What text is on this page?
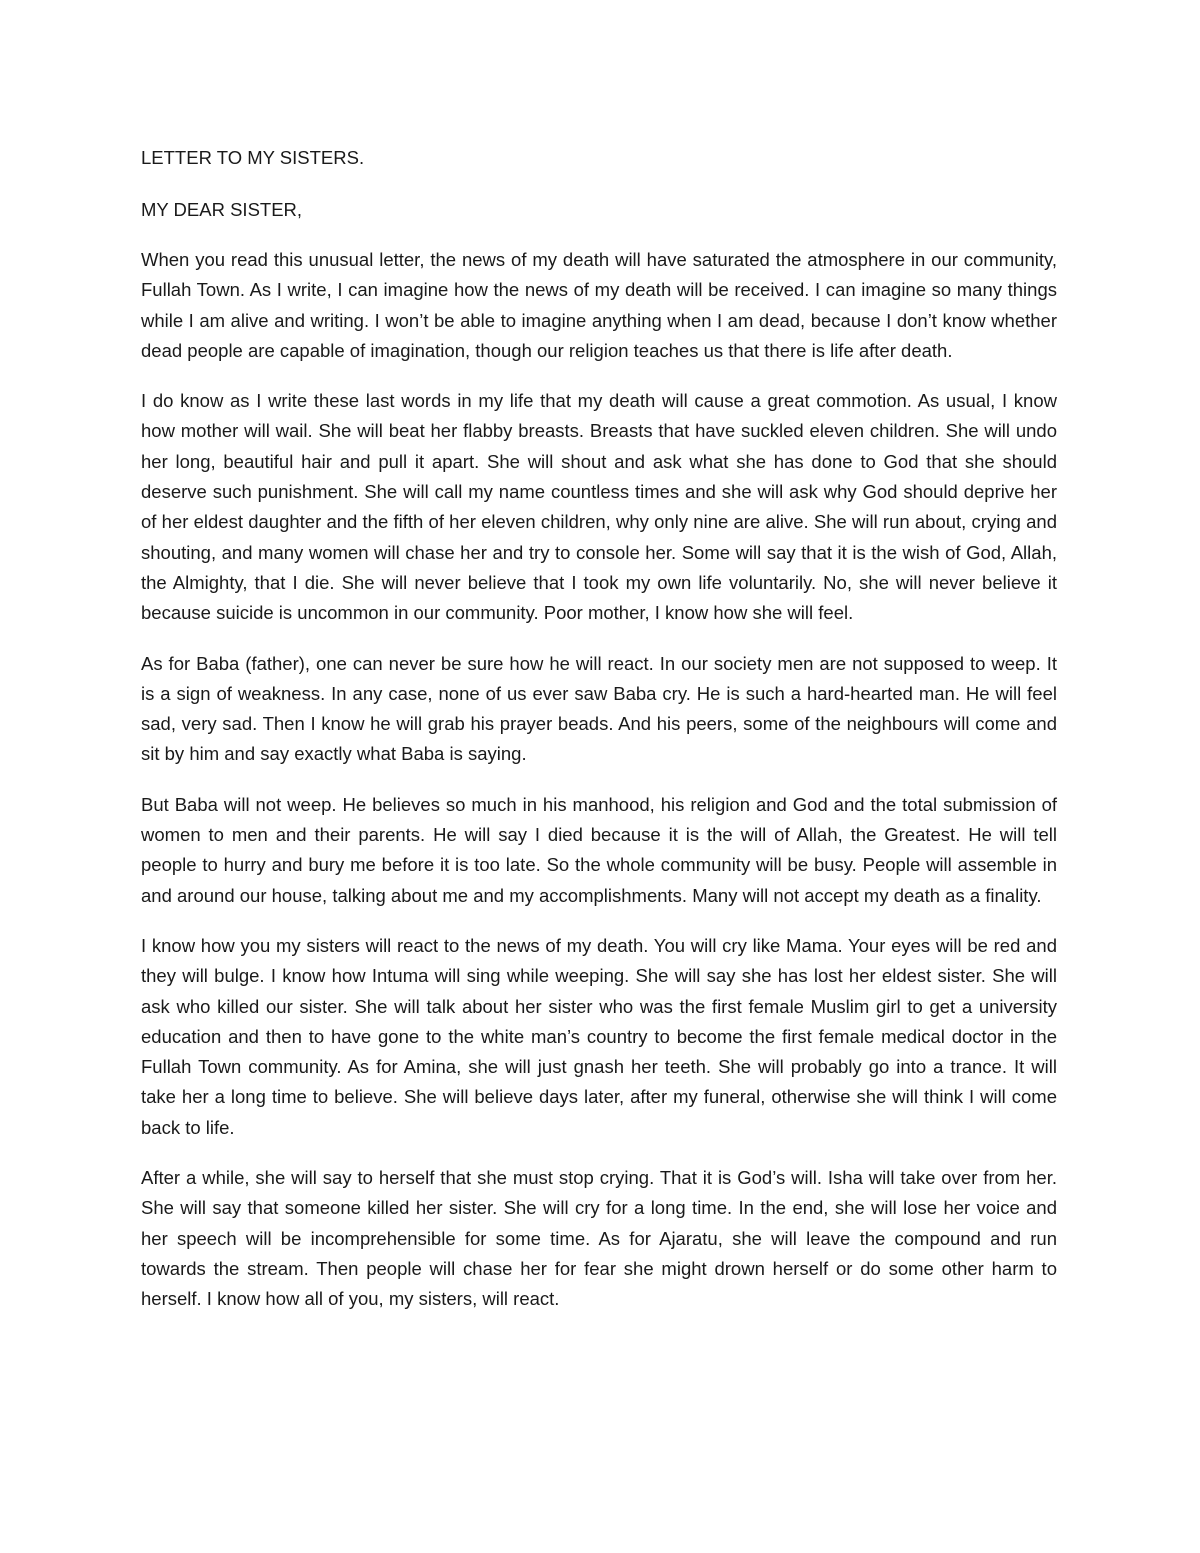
LETTER TO MY SISTERS.

MY DEAR SISTER,

When you read this unusual letter, the news of my death will have saturated the atmosphere in our community, Fullah Town. As I write, I can imagine how the news of my death will be received. I can imagine so many things while I am alive and writing. I won’t be able to imagine anything when I am dead, because I don’t know whether dead people are capable of imagination, though our religion teaches us that there is life after death.

I do know as I write these last words in my life that my death will cause a great commotion. As usual, I know how mother will wail. She will beat her flabby breasts. Breasts that have suckled eleven children. She will undo her long, beautiful hair and pull it apart. She will shout and ask what she has done to God that she should deserve such punishment. She will call my name countless times and she will ask why God should deprive her of her eldest daughter and the fifth of her eleven children, why only nine are alive. She will run about, crying and shouting, and many women will chase her and try to console her. Some will say that it is the wish of God, Allah, the Almighty, that I die. She will never believe that I took my own life voluntarily. No, she will never believe it because suicide is uncommon in our community. Poor mother, I know how she will feel.

As for Baba (father), one can never be sure how he will react. In our society men are not supposed to weep. It is a sign of weakness. In any case, none of us ever saw Baba cry. He is such a hard-hearted man. He will feel sad, very sad. Then I know he will grab his prayer beads. And his peers, some of the neighbours will come and sit by him and say exactly what Baba is saying.

But Baba will not weep. He believes so much in his manhood, his religion and God and the total submission of women to men and their parents. He will say I died because it is the will of Allah, the Greatest. He will tell people to hurry and bury me before it is too late. So the whole community will be busy. People will assemble in and around our house, talking about me and my accomplishments. Many will not accept my death as a finality.

I know how you my sisters will react to the news of my death. You will cry like Mama. Your eyes will be red and they will bulge. I know how Intuma will sing while weeping. She will say she has lost her eldest sister. She will ask who killed our sister. She will talk about her sister who was the first female Muslim girl to get a university education and then to have gone to the white man’s country to become the first female medical doctor in the Fullah Town community. As for Amina, she will just gnash her teeth. She will probably go into a trance. It will take her a long time to believe. She will believe days later, after my funeral, otherwise she will think I will come back to life.

After a while, she will say to herself that she must stop crying. That it is God’s will. Isha will take over from her. She will say that someone killed her sister. She will cry for a long time. In the end, she will lose her voice and her speech will be incomprehensible for some time. As for Ajaratu, she will leave the compound and run towards the stream. Then people will chase her for fear she might drown herself or do some other harm to herself. I know how all of you, my sisters, will react.
